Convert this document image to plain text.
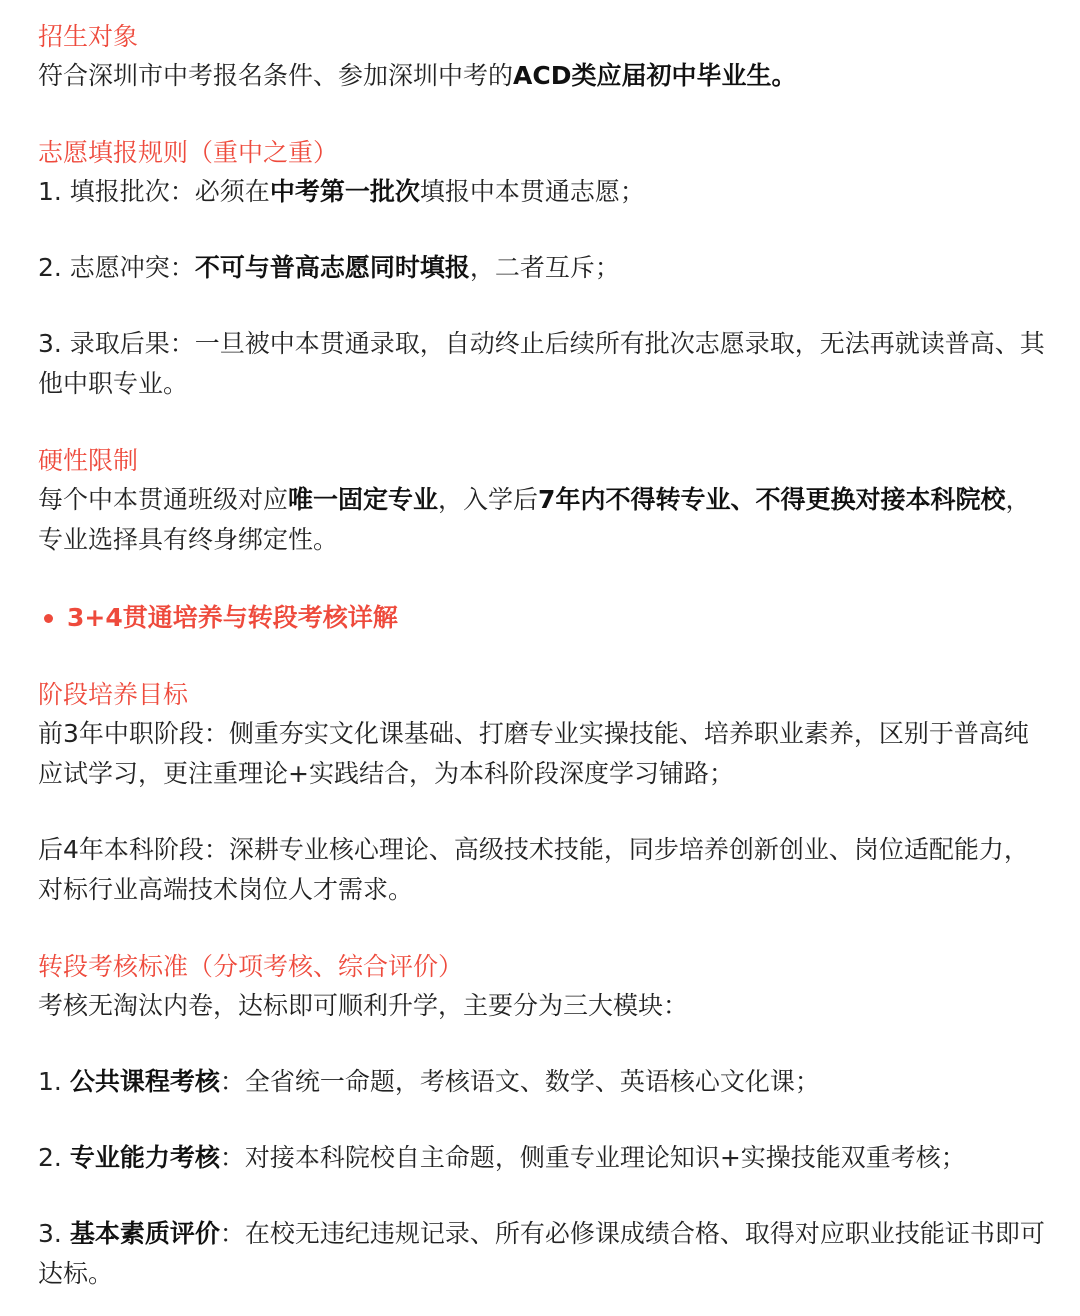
招生对象

符合深圳市中考报名条件、参加深圳中考的ACD类应届初中毕业生。

志愿填报规则（重中之重）

1. 填报批次：必须在中考第一批次填报中本贯通志愿；

2. 志愿冲突：不可与普高志愿同时填报，二者互斥；

3. 录取后果：一旦被中本贯通录取，自动终止后续所有批次志愿录取，无法再就读普高、其他中职专业。

硬性限制

每个中本贯通班级对应唯一固定专业，入学后7年内不得转专业、不得更换对接本科院校，专业选择具有终身绑定性。

3+4贯通培养与转段考核详解

阶段培养目标

前3年中职阶段：侧重夯实文化课基础、打磨专业实操技能、培养职业素养，区别于普高纯应试学习，更注重理论+实践结合，为本科阶段深度学习铺路；

后4年本科阶段：深耕专业核心理论、高级技术技能，同步培养创新创业、岗位适配能力，对标行业高端技术岗位人才需求。

转段考核标准（分项考核、综合评价）

考核无淘汰内卷，达标即可顺利升学，主要分为三大模块：

1. 公共课程考核：全省统一命题，考核语文、数学、英语核心文化课；

2. 专业能力考核：对接本科院校自主命题，侧重专业理论知识+实操技能双重考核；

3. 基本素质评价：在校无违纪违规记录、所有必修课成绩合格、取得对应职业技能证书即可达标。
